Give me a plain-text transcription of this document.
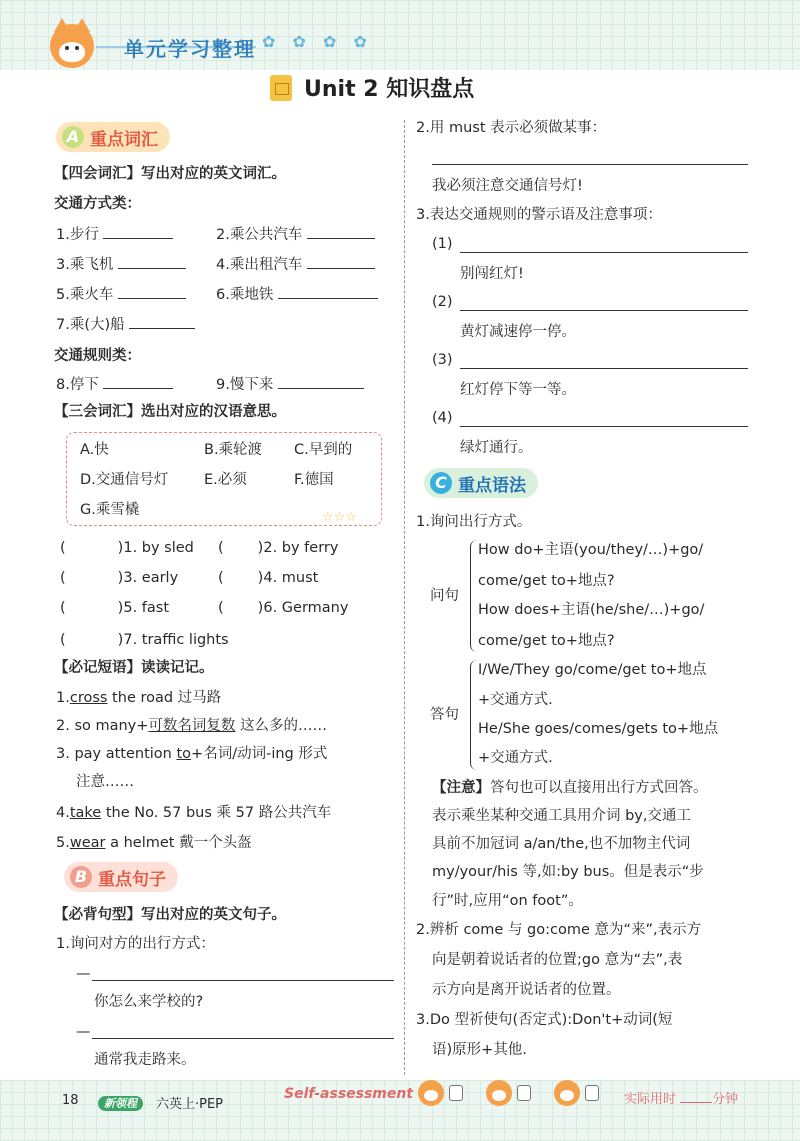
单元学习整理 ✿ ✿ ✿ ✿
Unit 2 知识盘点
A 重点词汇
【四会词汇】写出对应的英文词汇。
交通方式类：
1.步行	2.乘公共汽车
3.乘飞机	4.乘出租汽车
5.乘火车	6.乘地铁
7.乘(大)船
交通规则类：
8.停下	9.慢下来
【三会词汇】选出对应的汉语意思。
A.快	B.乘轮渡 C.早到的
D.交通信号灯 E.必须	F.德国
G.乘雪橇	☆☆☆
(	)1. by sled ( )2. by ferry
(	)3. early	( )4. must
(	)5. fast	( )6. Germany
(	)7. traffic lights
【必记短语】读读记记。
1.cross the road 过马路
2. so many+可数名词复数 这么多的……
3. pay attention to+名词/动词-ing 形式
注意……
4.take the No. 57 bus 乘 57 路公共汽车
5.wear a helmet 戴一个头盔
B 重点句子
【必背句型】写出对应的英文句子。
1.询问对方的出行方式：
—
你怎么来学校的?
—
通常我走路来。
2.用 must 表示必须做某事：
我必须注意交通信号灯!
3.表达交通规则的警示语及注意事项：
(1)
别闯红灯!
(2)
黄灯减速停一停。
(3)
红灯停下等一等。
(4)
绿灯通行。
C 重点语法
1.询问出行方式。
问句
How do+主语(you/they/…)+go/
come/get to+地点?
How does+主语(he/she/…)+go/
come/get to+地点?
答句
I/We/They go/come/get to+地点
+交通方式.
He/She goes/comes/gets to+地点
+交通方式.
【注意】答句也可以直接用出行方式回答。
表示乘坐某种交通工具用介词 by,交通工
具前不加冠词 a/an/the,也不加物主代词
my/your/his 等,如:by bus。但是表示“步
行”时,应用“on foot”。
2.辨析 come 与 go:come 意为“来”,表示方
向是朝着说话者的位置;go 意为“去”,表
示方向是离开说话者的位置。
3.Do 型祈使句(否定式):Don't+动词(短
语)原形+其他.
18	新领程	六英上·PEP
Self-assessment

	实际用时	分钟
